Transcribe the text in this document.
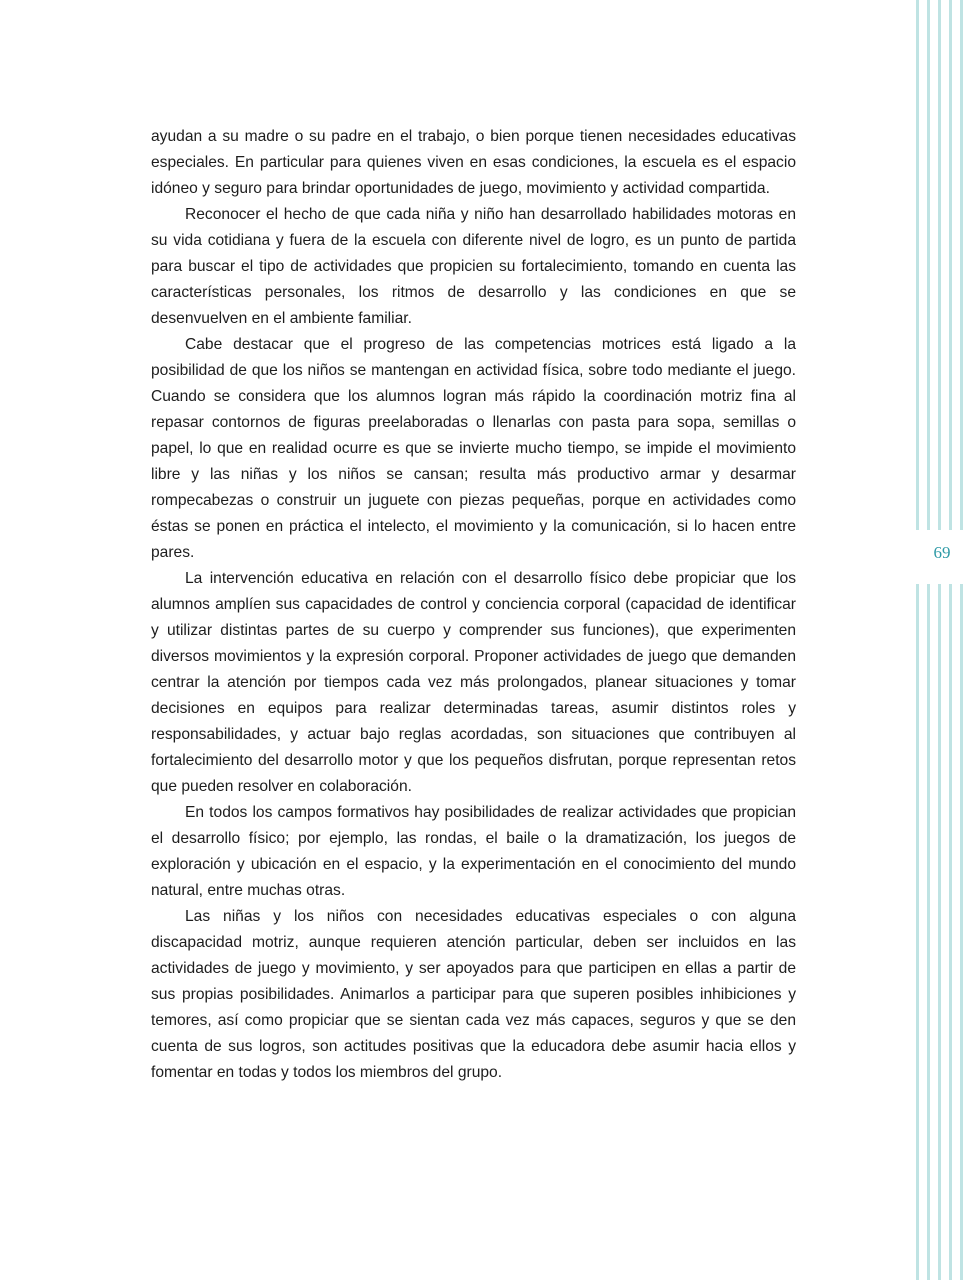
ayudan a su madre o su padre en el trabajo, o bien porque tienen necesidades educativas especiales. En particular para quienes viven en esas condiciones, la escuela es el espacio idóneo y seguro para brindar oportunidades de juego, movimiento y actividad compartida.

Reconocer el hecho de que cada niña y niño han desarrollado habilidades motoras en su vida cotidiana y fuera de la escuela con diferente nivel de logro, es un punto de partida para buscar el tipo de actividades que propicien su fortalecimiento, tomando en cuenta las características personales, los ritmos de desarrollo y las condiciones en que se desenvuelven en el ambiente familiar.

Cabe destacar que el progreso de las competencias motrices está ligado a la posibilidad de que los niños se mantengan en actividad física, sobre todo mediante el juego. Cuando se considera que los alumnos logran más rápido la coordinación motriz fina al repasar contornos de figuras preelaboradas o llenarlas con pasta para sopa, semillas o papel, lo que en realidad ocurre es que se invierte mucho tiempo, se impide el movimiento libre y las niñas y los niños se cansan; resulta más productivo armar y desarmar rompecabezas o construir un juguete con piezas pequeñas, porque en actividades como éstas se ponen en práctica el intelecto, el movimiento y la comunicación, si lo hacen entre pares.

La intervención educativa en relación con el desarrollo físico debe propiciar que los alumnos amplíen sus capacidades de control y conciencia corporal (capacidad de identificar y utilizar distintas partes de su cuerpo y comprender sus funciones), que experimenten diversos movimientos y la expresión corporal. Proponer actividades de juego que demanden centrar la atención por tiempos cada vez más prolongados, planear situaciones y tomar decisiones en equipos para realizar determinadas tareas, asumir distintos roles y responsabilidades, y actuar bajo reglas acordadas, son situaciones que contribuyen al fortalecimiento del desarrollo motor y que los pequeños disfrutan, porque representan retos que pueden resolver en colaboración.

En todos los campos formativos hay posibilidades de realizar actividades que propician el desarrollo físico; por ejemplo, las rondas, el baile o la dramatización, los juegos de exploración y ubicación en el espacio, y la experimentación en el conocimiento del mundo natural, entre muchas otras.

Las niñas y los niños con necesidades educativas especiales o con alguna discapacidad motriz, aunque requieren atención particular, deben ser incluidos en las actividades de juego y movimiento, y ser apoyados para que participen en ellas a partir de sus propias posibilidades. Animarlos a participar para que superen posibles inhibiciones y temores, así como propiciar que se sientan cada vez más capaces, seguros y que se den cuenta de sus logros, son actitudes positivas que la educadora debe asumir hacia ellos y fomentar en todas y todos los miembros del grupo.

69
